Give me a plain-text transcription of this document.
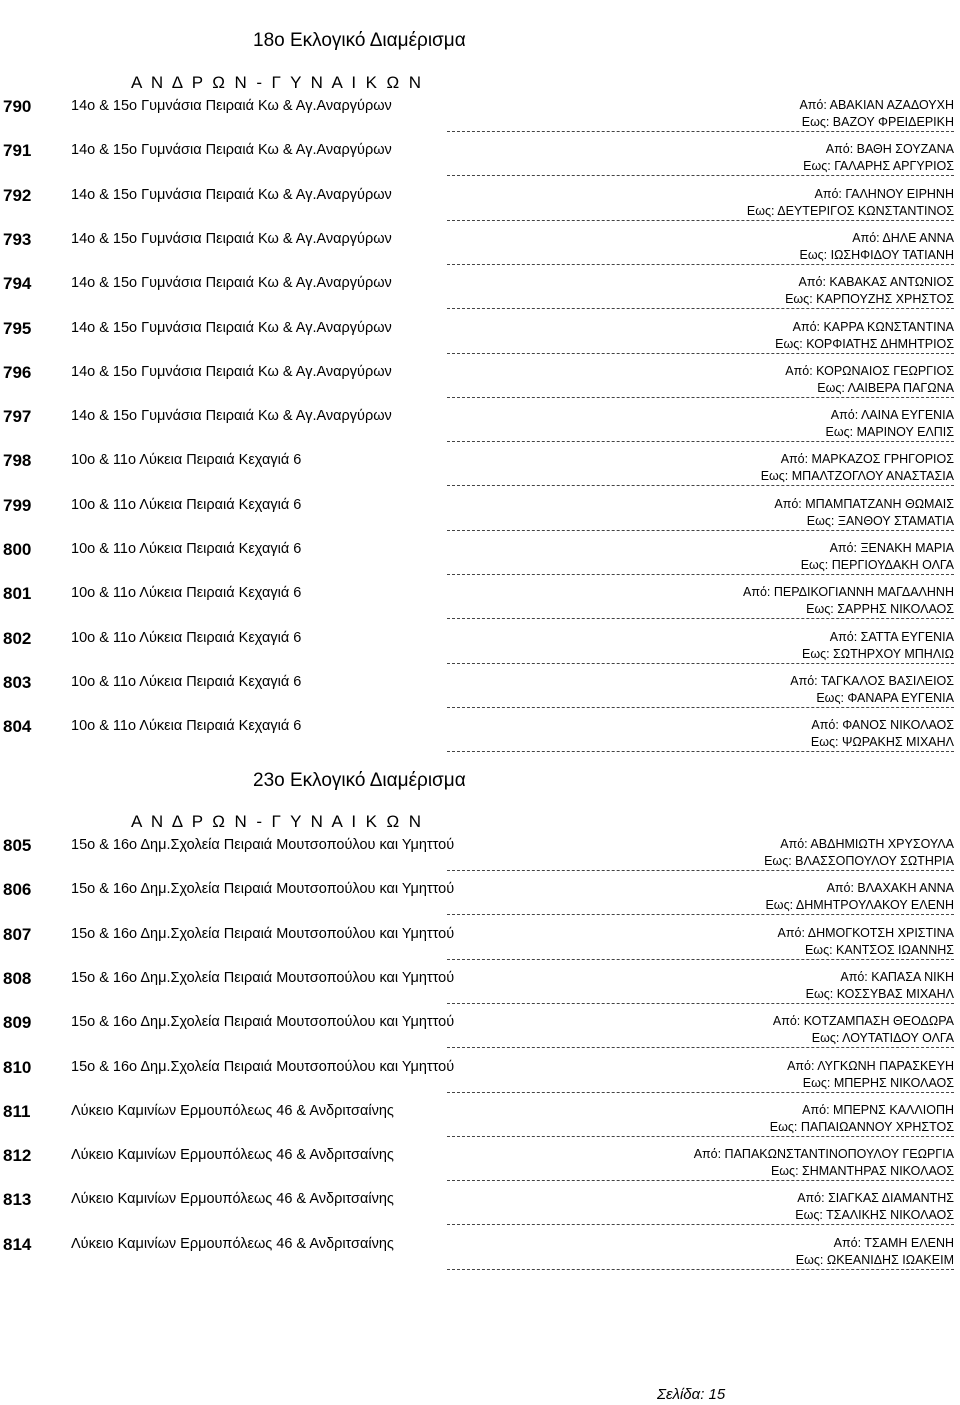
18ο Εκλογικό Διαμέρισμα
Α Ν Δ Ρ Ω Ν - Γ Υ Ν Α Ι Κ Ω Ν
23ο Εκλογικό Διαμέρισμα
Α Ν Δ Ρ Ω Ν - Γ Υ Ν Α Ι Κ Ω Ν
Σελίδα: 15
790	14ο & 15ο Γυμνάσια Πειραιά Κω & Αγ.Αναργύρων	Από: ΑΒΑΚΙΑΝ ΑΖΑΔΟΥΧΗ
Εως: ΒΑΖΟΥ ΦΡΕΙΔΕΡΙΚΗ
791	14ο & 15ο Γυμνάσια Πειραιά Κω & Αγ.Αναργύρων	Από: ΒΑΘΗ ΣΟΥΖΑΝΑ
Εως: ΓΑΛΑΡΗΣ ΑΡΓΥΡΙΟΣ
792	14ο & 15ο Γυμνάσια Πειραιά Κω & Αγ.Αναργύρων	Από: ΓΑΛΗΝΟΥ ΕΙΡΗΝΗ
Εως: ΔΕΥΤΕΡΙΓΟΣ ΚΩΝΣΤΑΝΤΙΝΟΣ
793	14ο & 15ο Γυμνάσια Πειραιά Κω & Αγ.Αναργύρων	Από: ΔΗΛΕ ΑΝΝΑ
Εως: ΙΩΣΗΦΙΔΟΥ ΤΑΤΙΑΝΗ
794	14ο & 15ο Γυμνάσια Πειραιά Κω & Αγ.Αναργύρων	Από: ΚΑΒΑΚΑΣ ΑΝΤΩΝΙΟΣ
Εως: ΚΑΡΠΟΥΖΗΣ ΧΡΗΣΤΟΣ
795	14ο & 15ο Γυμνάσια Πειραιά Κω & Αγ.Αναργύρων	Από: ΚΑΡΡΑ ΚΩΝΣΤΑΝΤΙΝΑ
Εως: ΚΟΡΦΙΑΤΗΣ ΔΗΜΗΤΡΙΟΣ
796	14ο & 15ο Γυμνάσια Πειραιά Κω & Αγ.Αναργύρων	Από: ΚΟΡΩΝΑΙΟΣ ΓΕΩΡΓΙΟΣ
Εως: ΛΑΙΒΕΡΑ ΠΑΓΩΝΑ
797	14ο & 15ο Γυμνάσια Πειραιά Κω & Αγ.Αναργύρων	Από: ΛΑΙΝΑ ΕΥΓΕΝΙΑ
Εως: ΜΑΡΙΝΟΥ ΕΛΠΙΣ
798	10ο & 11ο Λύκεια Πειραιά Κεχαγιά 6	Από: ΜΑΡΚΑΖΟΣ ΓΡΗΓΟΡΙΟΣ
Εως: ΜΠΑΛΤΖΟΓΛΟΥ ΑΝΑΣΤΑΣΙΑ
799	10ο & 11ο Λύκεια Πειραιά Κεχαγιά 6	Από: ΜΠΑΜΠΑΤΖΑΝΗ ΘΩΜΑΙΣ
Εως: ΞΑΝΘΟΥ ΣΤΑΜΑΤΙΑ
800	10ο & 11ο Λύκεια Πειραιά Κεχαγιά 6	Από: ΞΕΝΑΚΗ ΜΑΡΙΑ
Εως: ΠΕΡΓΙΟΥΔΑΚΗ ΟΛΓΑ
801	10ο & 11ο Λύκεια Πειραιά Κεχαγιά 6	Από: ΠΕΡΔΙΚΟΓΙΑΝΝΗ ΜΑΓΔΑΛΗΝΗ
Εως: ΣΑΡΡΗΣ ΝΙΚΟΛΑΟΣ
802	10ο & 11ο Λύκεια Πειραιά Κεχαγιά 6	Από: ΣΑΤΤΑ ΕΥΓΕΝΙΑ
Εως: ΣΩΤΗΡΧΟΥ ΜΠΗΛΙΩ
803	10ο & 11ο Λύκεια Πειραιά Κεχαγιά 6	Από: ΤΑΓΚΑΛΟΣ ΒΑΣΙΛΕΙΟΣ
Εως: ΦΑΝΑΡΑ ΕΥΓΕΝΙΑ
804	10ο & 11ο Λύκεια Πειραιά Κεχαγιά 6	Από: ΦΑΝΟΣ ΝΙΚΟΛΑΟΣ
Εως: ΨΩΡΑΚΗΣ ΜΙΧΑΗΛ
805	15ο & 16ο Δημ.Σχολεία Πειραιά Μουτσοπούλου και Υμηττού	Από: ΑΒΔΗΜΙΩΤΗ ΧΡΥΣΟΥΛΑ
Εως: ΒΛΑΣΣΟΠΟΥΛΟΥ ΣΩΤΗΡΙΑ
806	15ο & 16ο Δημ.Σχολεία Πειραιά Μουτσοπούλου και Υμηττού	Από: ΒΛΑΧΑΚΗ ΑΝΝΑ
Εως: ΔΗΜΗΤΡΟΥΛΑΚΟΥ ΕΛΕΝΗ
807	15ο & 16ο Δημ.Σχολεία Πειραιά Μουτσοπούλου και Υμηττού	Από: ΔΗΜΟΓΚΟΤΣΗ ΧΡΙΣΤΙΝΑ
Εως: ΚΑΝΤΣΟΣ ΙΩΑΝΝΗΣ
808	15ο & 16ο Δημ.Σχολεία Πειραιά Μουτσοπούλου και Υμηττού	Από: ΚΑΠΑΣΑ ΝΙΚΗ
Εως: ΚΟΣΣΥΒΑΣ ΜΙΧΑΗΛ
809	15ο & 16ο Δημ.Σχολεία Πειραιά Μουτσοπούλου και Υμηττού	Από: ΚΟΤΖΑΜΠΑΣΗ ΘΕΟΔΩΡΑ
Εως: ΛΟΥΤΑΤΙΔΟΥ ΟΛΓΑ
810	15ο & 16ο Δημ.Σχολεία Πειραιά Μουτσοπούλου και Υμηττού	Από: ΛΥΓΚΩΝΗ ΠΑΡΑΣΚΕΥΗ
Εως: ΜΠΕΡΗΣ ΝΙΚΟΛΑΟΣ
811	Λύκειο Καμινίων Ερμουπόλεως 46 & Ανδριτσαίνης	Από: ΜΠΕΡΝΣ ΚΑΛΛΙΟΠΗ
Εως: ΠΑΠΑΙΩΑΝΝΟΥ ΧΡΗΣΤΟΣ
812	Λύκειο Καμινίων Ερμουπόλεως 46 & Ανδριτσαίνης	Από: ΠΑΠΑΚΩΝΣΤΑΝΤΙΝΟΠΟΥΛΟΥ ΓΕΩΡΓΙΑ
Εως: ΣΗΜΑΝΤΗΡΑΣ ΝΙΚΟΛΑΟΣ
813	Λύκειο Καμινίων Ερμουπόλεως 46 & Ανδριτσαίνης	Από: ΣΙΑΓΚΑΣ ΔΙΑΜΑΝΤΗΣ
Εως: ΤΣΑΛΙΚΗΣ ΝΙΚΟΛΑΟΣ
814	Λύκειο Καμινίων Ερμουπόλεως 46 & Ανδριτσαίνης	Από: ΤΣΑΜΗ ΕΛΕΝΗ
Εως: ΩΚΕΑΝΙΔΗΣ ΙΩΑΚΕΙΜ
